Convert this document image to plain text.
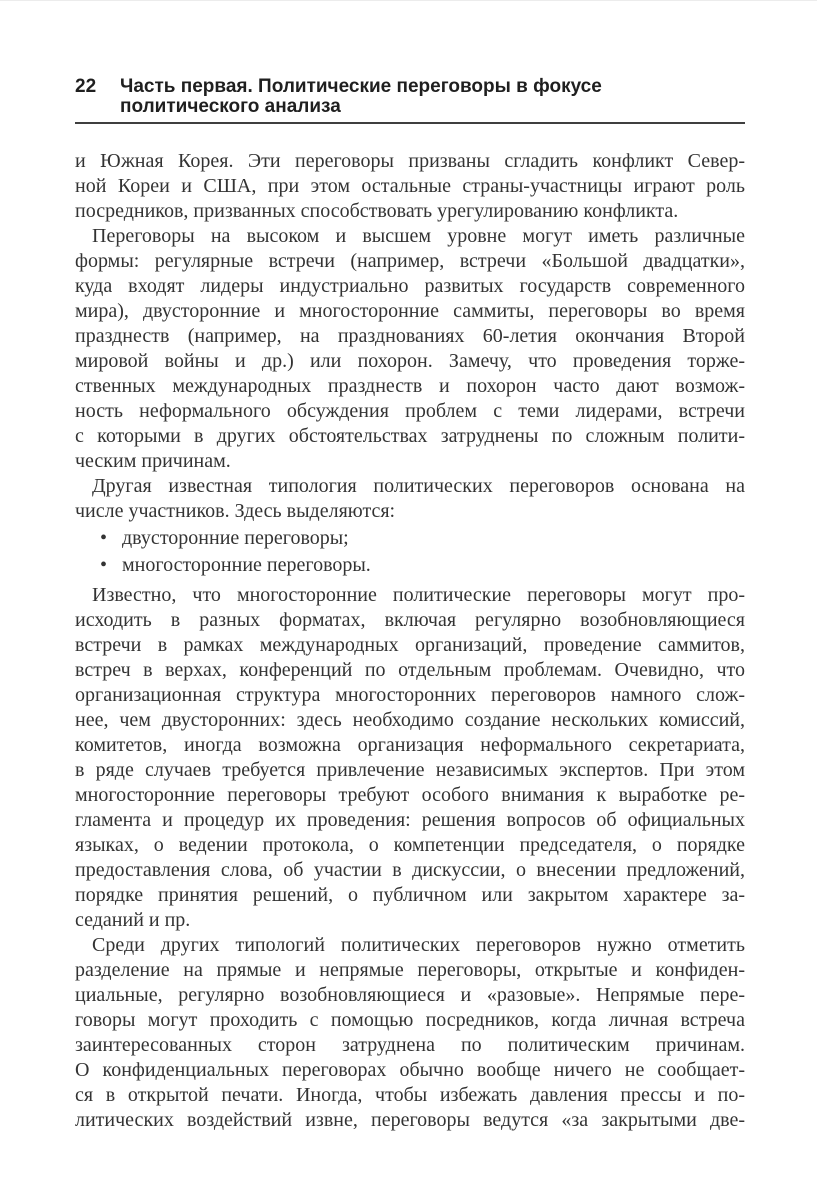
22	Часть первая. Политические переговоры в фокусе политического анализа
и Южная Корея. Эти переговоры призваны сгладить конфликт Север-
ной Кореи и США, при этом остальные страны-участницы играют роль
посредников, призванных способствовать урегулированию конфликта.
Переговоры на высоком и высшем уровне могут иметь различные
формы: регулярные встречи (например, встречи «Большой двадцатки»,
куда входят лидеры индустриально развитых государств современного
мира), двусторонние и многосторонние саммиты, переговоры во время
празднеств (например, на празднованиях 60-летия окончания Второй
мировой войны и др.) или похорон. Замечу, что проведения торже-
ственных международных празднеств и похорон часто дают возмож-
ность неформального обсуждения проблем с теми лидерами, встречи
с которыми в других обстоятельствах затруднены по сложным полити-
ческим причинам.
Другая известная типология политических переговоров основана на
числе участников. Здесь выделяются:
• двусторонние переговоры;
• многосторонние переговоры.
Известно, что многосторонние политические переговоры могут про-
исходить в разных форматах, включая регулярно возобновляющиеся
встречи в рамках международных организаций, проведение саммитов,
встреч в верхах, конференций по отдельным проблемам. Очевидно, что
организационная структура многосторонних переговоров намного слож-
нее, чем двусторонних: здесь необходимо создание нескольких комиссий,
комитетов, иногда возможна организация неформального секретариата,
в ряде случаев требуется привлечение независимых экспертов. При этом
многосторонние переговоры требуют особого внимания к выработке ре-
гламента и процедур их проведения: решения вопросов об официальных
языках, о ведении протокола, о компетенции председателя, о порядке
предоставления слова, об участии в дискуссии, о внесении предложений,
порядке принятия решений, о публичном или закрытом характере за-
седаний и пр.
Среди других типологий политических переговоров нужно отметить
разделение на прямые и непрямые переговоры, открытые и конфиден-
циальные, регулярно возобновляющиеся и «разовые». Непрямые пере-
говоры могут проходить с помощью посредников, когда личная встреча
заинтересованных сторон затруднена по политическим причинам.
О конфиденциальных переговорах обычно вообще ничего не сообщает-
ся в открытой печати. Иногда, чтобы избежать давления прессы и по-
литических воздействий извне, переговоры ведутся «за закрытыми две-
